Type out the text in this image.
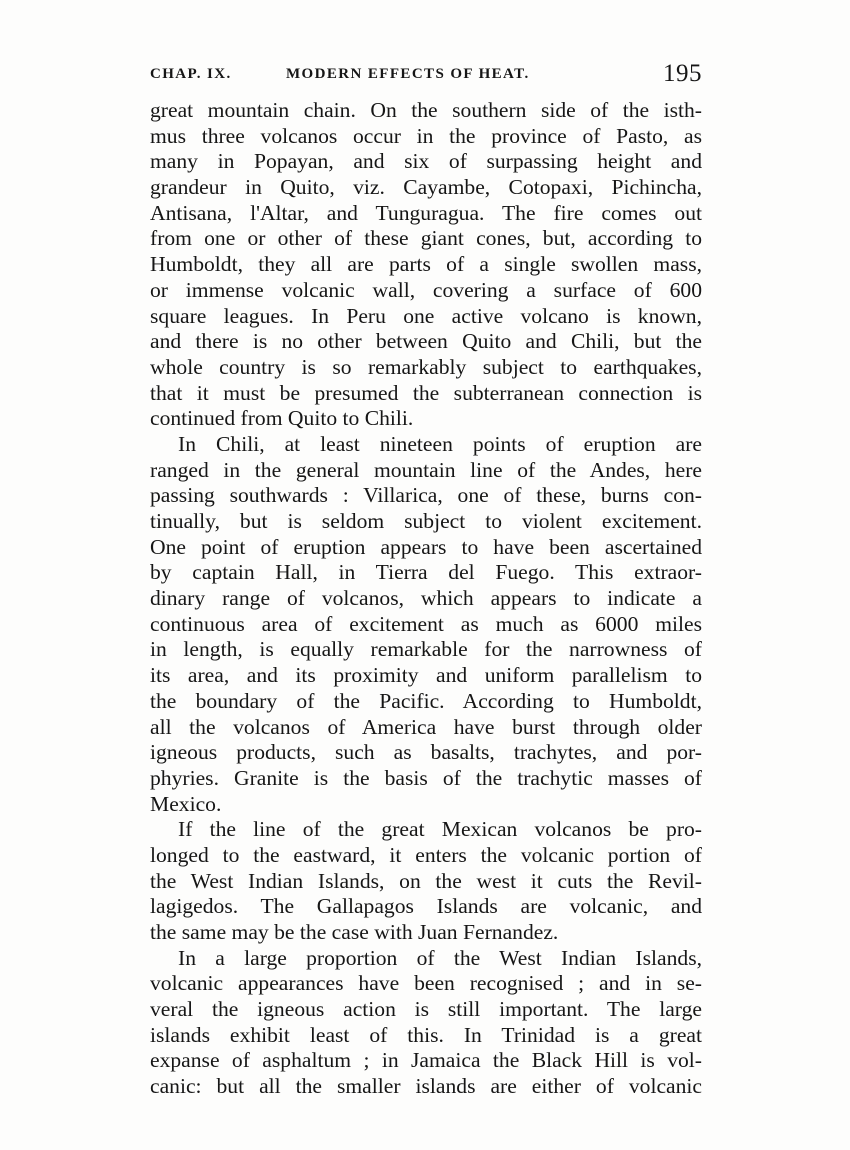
CHAP. IX.	MODERN EFFECTS OF HEAT.	195
great mountain chain. On the southern side of the isth-
mus three volcanos occur in the province of Pasto, as
many in Popayan, and six of surpassing height and
grandeur in Quito, viz. Cayambe, Cotopaxi, Pichincha,
Antisana, l'Altar, and Tunguragua. The fire comes out
from one or other of these giant cones, but, according to
Humboldt, they all are parts of a single swollen mass,
or immense volcanic wall, covering a surface of 600
square leagues. In Peru one active volcano is known,
and there is no other between Quito and Chili, but the
whole country is so remarkably subject to earthquakes,
that it must be presumed the subterranean connection is
continued from Quito to Chili.
In Chili, at least nineteen points of eruption are
ranged in the general mountain line of the Andes, here
passing southwards : Villarica, one of these, burns con-
tinually, but is seldom subject to violent excitement.
One point of eruption appears to have been ascertained
by captain Hall, in Tierra del Fuego. This extraor-
dinary range of volcanos, which appears to indicate a
continuous area of excitement as much as 6000 miles
in length, is equally remarkable for the narrowness of
its area, and its proximity and uniform parallelism to
the boundary of the Pacific. According to Humboldt,
all the volcanos of America have burst through older
igneous products, such as basalts, trachytes, and por-
phyries. Granite is the basis of the trachytic masses of
Mexico.
If the line of the great Mexican volcanos be pro-
longed to the eastward, it enters the volcanic portion of
the West Indian Islands, on the west it cuts the Revil-
lagigedos. The Gallapagos Islands are volcanic, and
the same may be the case with Juan Fernandez.
In a large proportion of the West Indian Islands,
volcanic appearances have been recognised ; and in se-
veral the igneous action is still important. The large
islands exhibit least of this. In Trinidad is a great
expanse of asphaltum ; in Jamaica the Black Hill is vol-
canic: but all the smaller islands are either of volcanic
